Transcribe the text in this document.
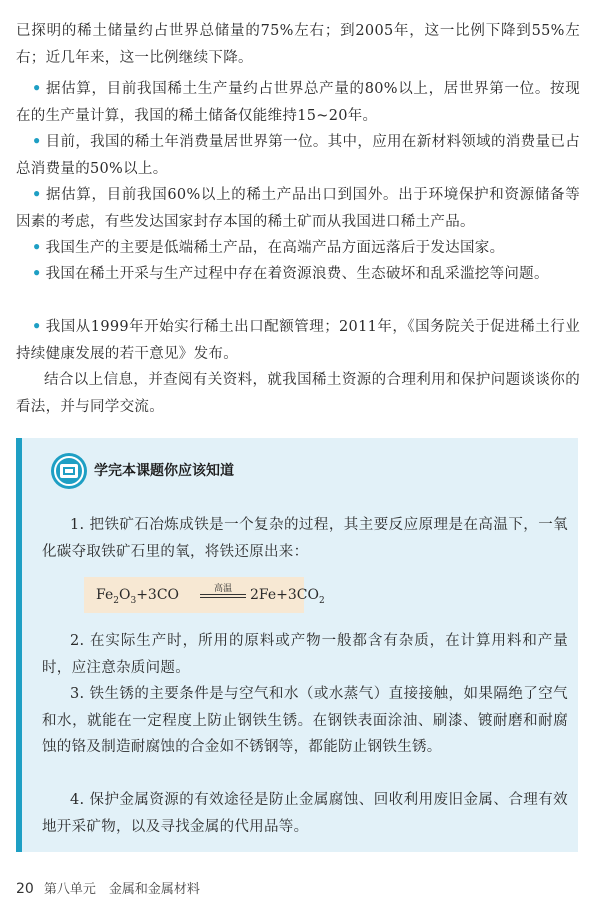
已探明的稀土储量约占世界总储量的75%左右；到2005年，这一比例下降到55%左右；近几年来，这一比例继续下降。

• 据估算，目前我国稀土生产量约占世界总产量的80%以上，居世界第一位。按现在的生产量计算，我国的稀土储备仅能维持15~20年。

• 目前，我国的稀土年消费量居世界第一位。其中，应用在新材料领域的消费量已占总消费量的50%以上。

• 据估算，目前我国60%以上的稀土产品出口到国外。出于环境保护和资源储备等因素的考虑，有些发达国家封存本国的稀土矿而从我国进口稀土产品。

• 我国生产的主要是低端稀土产品，在高端产品方面远落后于发达国家。

• 我国在稀土开采与生产过程中存在着资源浪费、生态破坏和乱采滥挖等问题。

• 我国从1999年开始实行稀土出口配额管理；2011年，《国务院关于促进稀土行业持续健康发展的若干意见》发布。

结合以上信息，并查阅有关资料，就我国稀土资源的合理利用和保护问题谈谈你的看法，并与同学交流。

学完本课题你应该知道

1. 把铁矿石冶炼成铁是一个复杂的过程，其主要反应原理是在高温下，一氧化碳夺取铁矿石里的氧，将铁还原出来：

$Fe_2O_3+3CO$	高温	$2Fe+3CO_2$

2. 在实际生产时，所用的原料或产物一般都含有杂质，在计算用料和产量时，应注意杂质问题。

3. 铁生锈的主要条件是与空气和水（或水蒸气）直接接触，如果隔绝了空气和水，就能在一定程度上防止钢铁生锈。在钢铁表面涂油、刷漆、镀耐磨和耐腐蚀的铬及制造耐腐蚀的合金如不锈钢等，都能防止钢铁生锈。

4. 保护金属资源的有效途径是防止金属腐蚀、回收利用废旧金属、合理有效地开采矿物，以及寻找金属的代用品等。

20 第八单元　金属和金属材料
